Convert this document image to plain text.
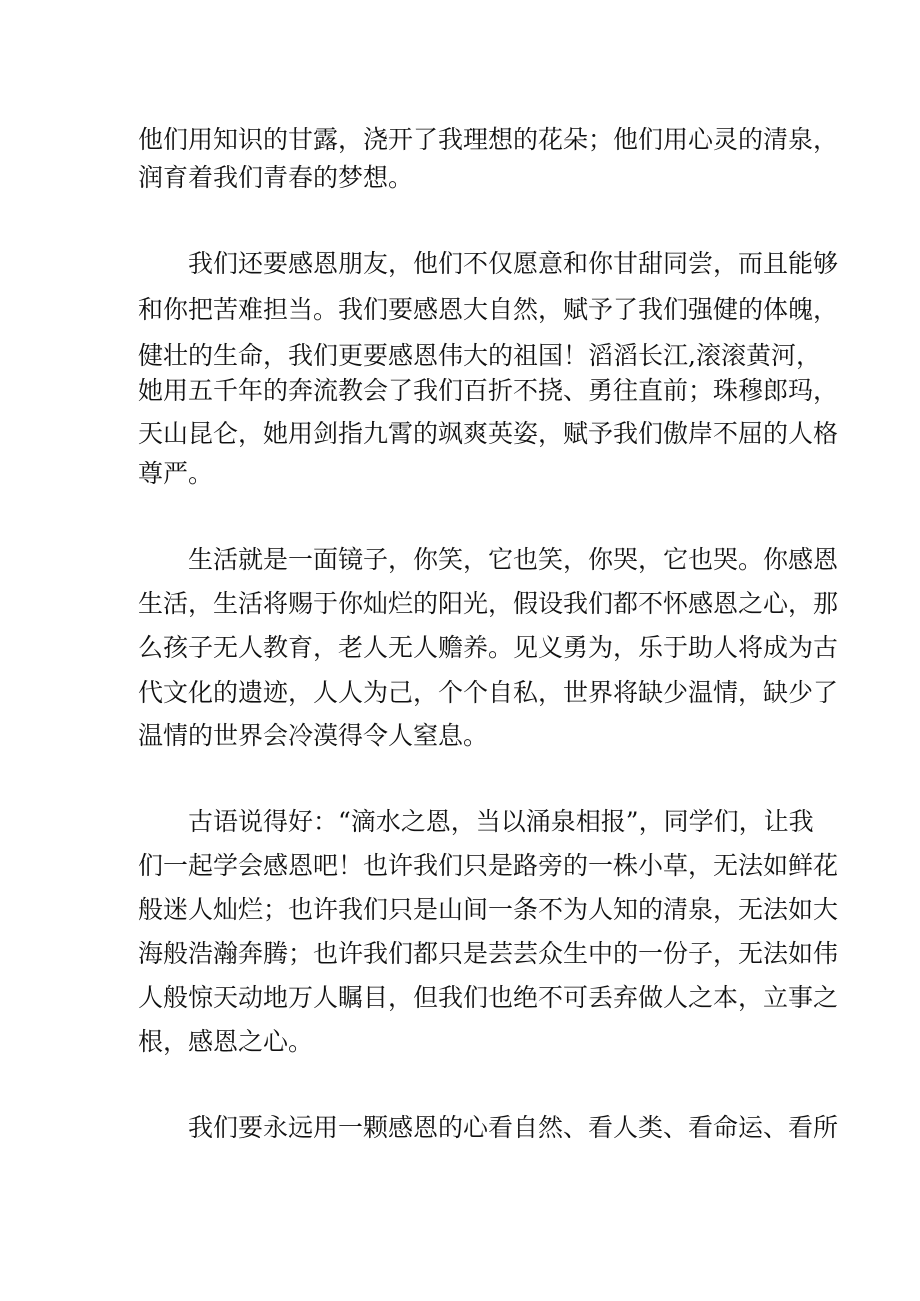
他们用知识的甘露，浇开了我理想的花朵；他们用心灵的清泉，

润育着我们青春的梦想。

我们还要感恩朋友，他们不仅愿意和你甘甜同尝，而且能够

和你把苦难担当。我们要感恩大自然，赋予了我们强健的体魄，

健壮的生命，我们更要感恩伟大的祖国！滔滔长江,滚滚黄河，

她用五千年的奔流教会了我们百折不挠、勇往直前；珠穆郎玛，

天山昆仑，她用剑指九霄的飒爽英姿，赋予我们傲岸不屈的人格

尊严。

生活就是一面镜子，你笑，它也笑，你哭，它也哭。你感恩

生活，生活将赐于你灿烂的阳光，假设我们都不怀感恩之心，那

么孩子无人教育，老人无人赡养。见义勇为，乐于助人将成为古

代文化的遗迹，人人为己，个个自私，世界将缺少温情，缺少了

温情的世界会冷漠得令人窒息。

古语说得好：“滴水之恩，当以涌泉相报”，同学们，让我

们一起学会感恩吧！也许我们只是路旁的一株小草，无法如鲜花

般迷人灿烂；也许我们只是山间一条不为人知的清泉，无法如大

海般浩瀚奔腾；也许我们都只是芸芸众生中的一份子，无法如伟

人般惊天动地万人瞩目，但我们也绝不可丢弃做人之本，立事之

根，感恩之心。

我们要永远用一颗感恩的心看自然、看人类、看命运、看所
